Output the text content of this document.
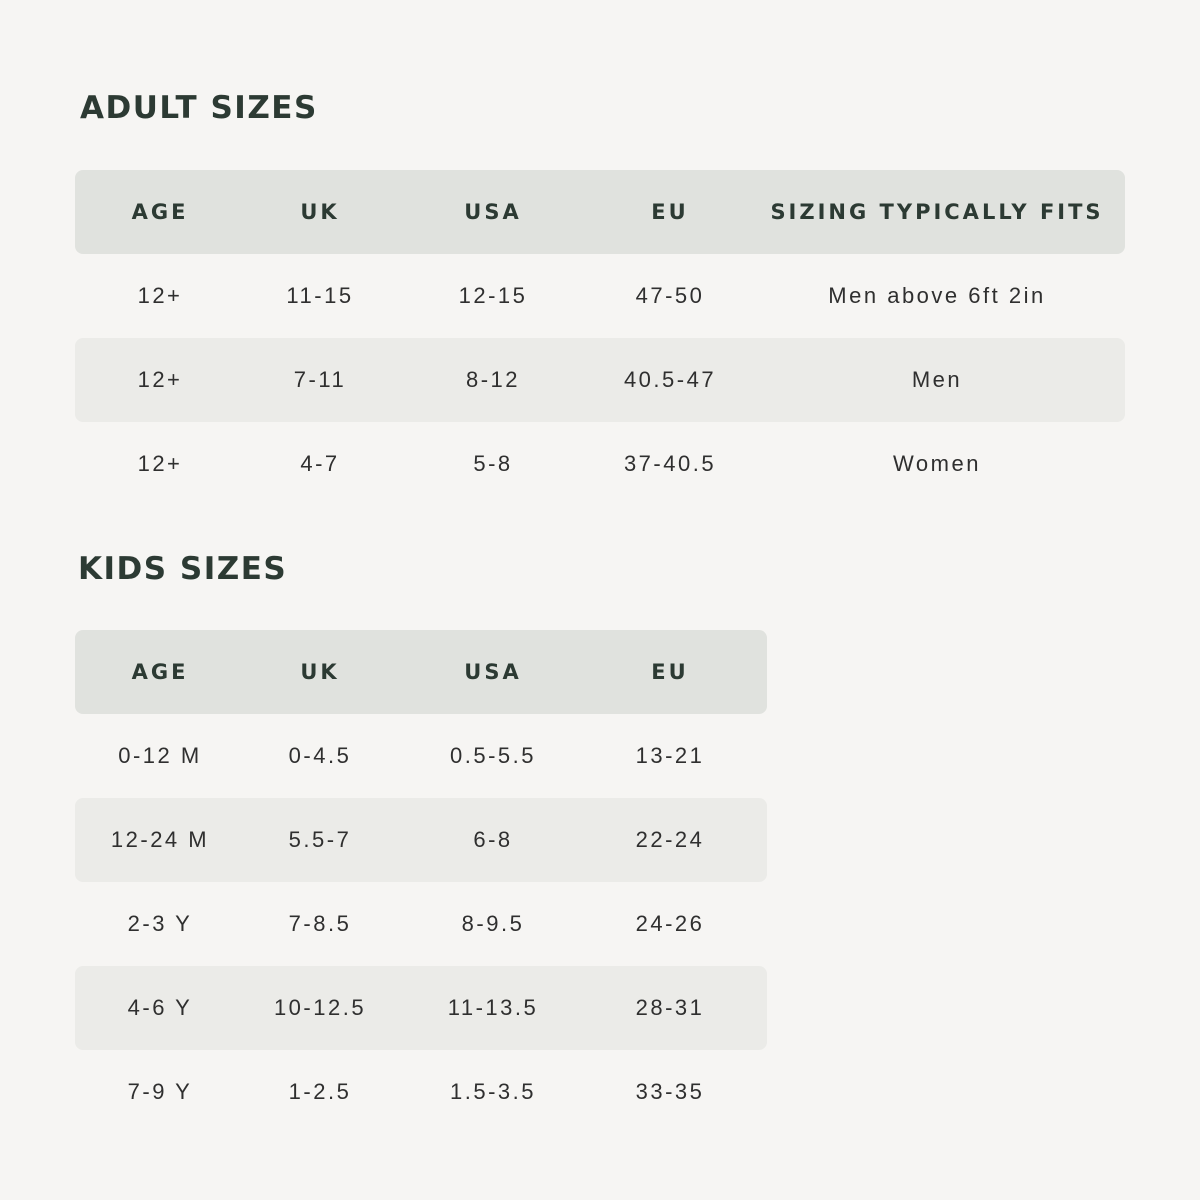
ADULT SIZES
AGE	UK	USA	EU	SIZING TYPICALLY FITS
12+	11-15	12-15	47-50	Men above 6ft 2in
12+	7-11	8-12	40.5-47	Men
12+	4-7	5-8	37-40.5	Women
KIDS SIZES
AGE	UK	USA	EU
0-12 M	0-4.5	0.5-5.5	13-21
12-24 M	5.5-7	6-8	22-24
2-3 Y	7-8.5	8-9.5	24-26
4-6 Y	10-12.5	11-13.5	28-31
7-9 Y	1-2.5	1.5-3.5	33-35
